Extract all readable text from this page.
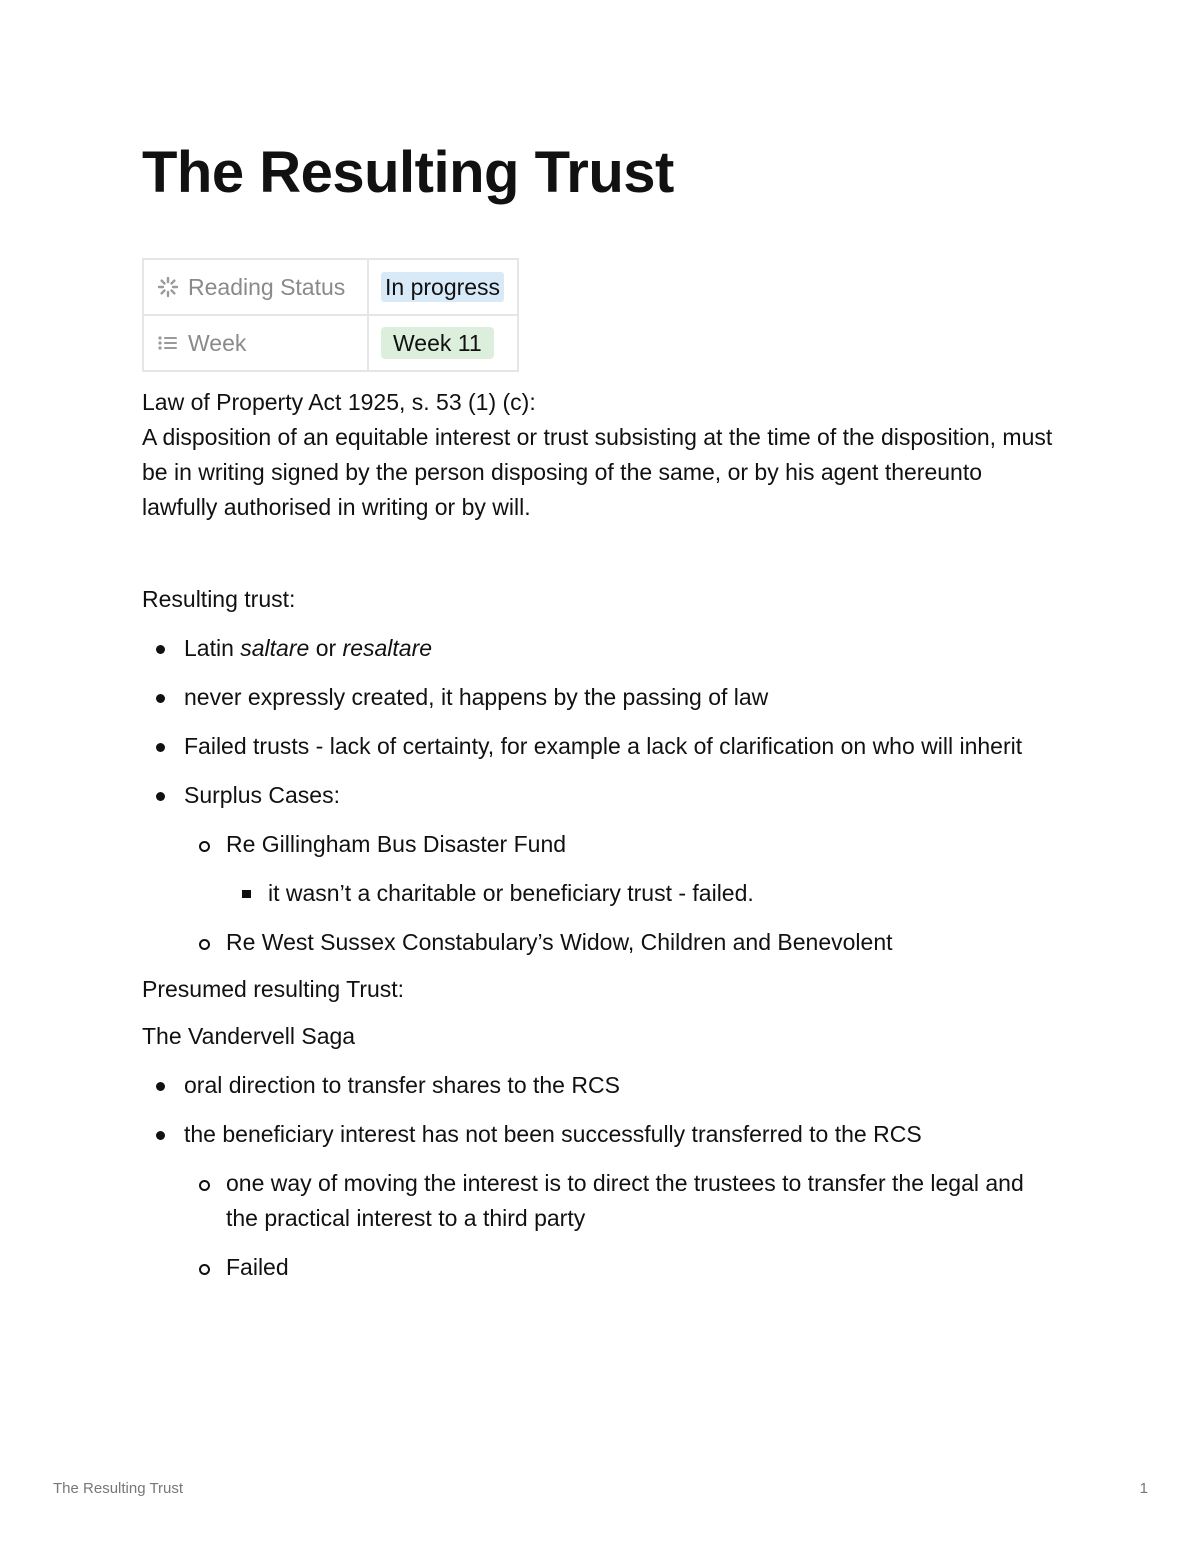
The Resulting Trust
Reading Status	In progress

Week	Week 11

Law of Property Act 1925, s. 53 (1) (c):

A disposition of an equitable interest or trust subsisting at the time of the disposition, must be in writing signed by the person disposing of the same, or by his agent thereunto lawfully authorised in writing or by will.

Resulting trust:

Latin saltare or resaltare
never expressly created, it happens by the passing of law
Failed trusts - lack of certainty, for example a lack of clarification on who will inherit
Surplus Cases:
Re Gillingham Bus Disaster Fund
it wasn’t a charitable or beneficiary trust - failed.
Re West Sussex Constabulary’s Widow, Children and Benevolent

Presumed resulting Trust:

The Vandervell Saga

oral direction to transfer shares to the RCS
the beneficiary interest has not been successfully transferred to the RCS
one way of moving the interest is to direct the trustees to transfer the legal and the practical interest to a third party
Failed
The Resulting Trust	1
